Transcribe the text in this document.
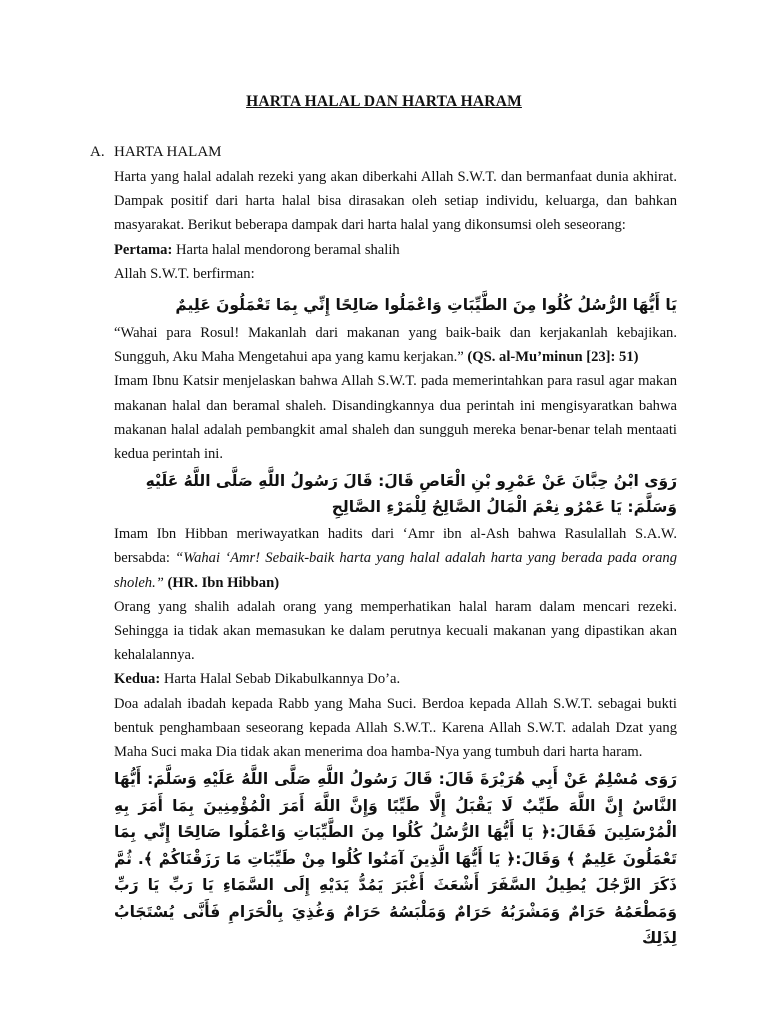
HARTA HALAL DAN HARTA HARAM
A. HARTA HALAM

Harta yang halal adalah rezeki yang akan diberkahi Allah S.W.T. dan bermanfaat dunia akhirat. Dampak positif dari harta halal bisa dirasakan oleh setiap individu, keluarga, dan bahkan masyarakat. Berikut beberapa dampak dari harta halal yang dikonsumsi oleh seseorang:

Pertama: Harta halal mendorong beramal shalih

Allah S.W.T. berfirman:

يَا أَيُّهَا الرُّسُلُ كُلُوا مِنَ الطَّيِّبَاتِ وَاعْمَلُوا صَالِحًا إِنِّي بِمَا تَعْمَلُونَ عَلِيمٌ

“Wahai para Rosul! Makanlah dari makanan yang baik-baik dan kerjakanlah kebajikan. Sungguh, Aku Maha Mengetahui apa yang kamu kerjakan.” (QS. al-Mu’minun [23]: 51)

Imam Ibnu Katsir menjelaskan bahwa Allah S.W.T. pada memerintahkan para rasul agar makan makanan halal dan beramal shaleh. Disandingkannya dua perintah ini mengisyaratkan bahwa makanan halal adalah pembangkit amal shaleh dan sungguh mereka benar-benar telah mentaati kedua perintah ini.

رَوَى ابْنُ حِبَّانَ عَنْ عَمْرِو بْنِ الْعَاصِ قَالَ: قَالَ رَسُولُ اللَّهِ صَلَّى اللَّهُ عَلَيْهِ وَسَلَّمَ: يَا عَمْرُو نِعْمَ الْمَالُ الصَّالِحُ لِلْمَرْءِ الصَّالِحِ

Imam Ibn Hibban meriwayatkan hadits dari ‘Amr ibn al-Ash bahwa Rasulallah S.A.W. bersabda: “Wahai ‘Amr! Sebaik-baik harta yang halal adalah harta yang berada pada orang sholeh.” (HR. Ibn Hibban)

Orang yang shalih adalah orang yang memperhatikan halal haram dalam mencari rezeki. Sehingga ia tidak akan memasukan ke dalam perutnya kecuali makanan yang dipastikan akan kehalalannya.

Kedua: Harta Halal Sebab Dikabulkannya Do’a.

Doa adalah ibadah kepada Rabb yang Maha Suci. Berdoa kepada Allah S.W.T. sebagai bukti bentuk penghambaan seseorang kepada Allah S.W.T.. Karena Allah S.W.T. adalah Dzat yang Maha Suci maka Dia tidak akan menerima doa hamba-Nya yang tumbuh dari harta haram.

رَوَى مُسْلِمٌ عَنْ أَبِي هُرَيْرَةَ قَالَ: قَالَ رَسُولُ اللَّهِ صَلَّى اللَّهُ عَلَيْهِ وَسَلَّمَ: أَيُّهَا النَّاسُ إِنَّ اللَّهَ طَيِّبٌ لَا يَقْبَلُ إِلَّا طَيِّبًا وَإِنَّ اللَّهَ أَمَرَ الْمُؤْمِنِينَ بِمَا أَمَرَ بِهِ الْمُرْسَلِينَ فَقَالَ:﴿ يَا أَيُّهَا الرُّسُلُ كُلُوا مِنَ الطَّيِّبَاتِ وَاعْمَلُوا صَالِحًا إِنِّي بِمَا تَعْمَلُونَ عَلِيمٌ ﴾ وَقَالَ:﴿ يَا أَيُّهَا الَّذِينَ آمَنُوا كُلُوا مِنْ طَيِّبَاتِ مَا رَزَقْنَاكُمْ ﴾. ثُمَّ ذَكَرَ الرَّجُلَ يُطِيلُ السَّفَرَ أَشْعَثَ أَغْبَرَ يَمُدُّ يَدَيْهِ إِلَى السَّمَاءِ يَا رَبِّ يَا رَبِّ وَمَطْعَمُهُ حَرَامٌ وَمَشْرَبُهُ حَرَامٌ وَمَلْبَسُهُ حَرَامٌ وَغُذِيَ بِالْحَرَامِ فَأَنَّى يُسْتَجَابُ لِذَلِكَ
